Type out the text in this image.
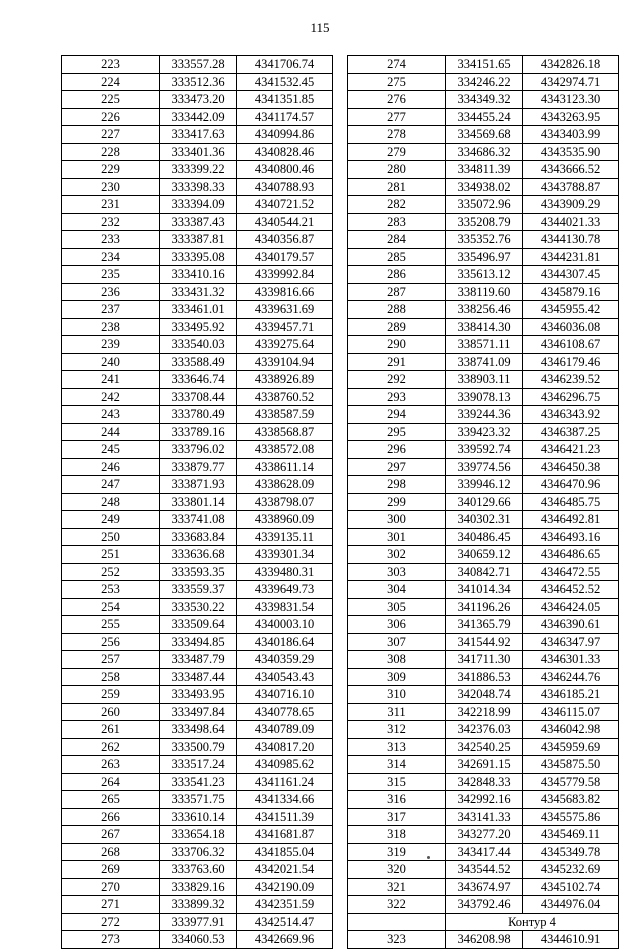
115
223	333557.28	4341706.74
224	333512.36	4341532.45
225	333473.20	4341351.85
226	333442.09	4341174.57
227	333417.63	4340994.86
228	333401.36	4340828.46
229	333399.22	4340800.46
230	333398.33	4340788.93
231	333394.09	4340721.52
232	333387.43	4340544.21
233	333387.81	4340356.87
234	333395.08	4340179.57
235	333410.16	4339992.84
236	333431.32	4339816.66
237	333461.01	4339631.69
238	333495.92	4339457.71
239	333540.03	4339275.64
240	333588.49	4339104.94
241	333646.74	4338926.89
242	333708.44	4338760.52
243	333780.49	4338587.59
244	333789.16	4338568.87
245	333796.02	4338572.08
246	333879.77	4338611.14
247	333871.93	4338628.09
248	333801.14	4338798.07
249	333741.08	4338960.09
250	333683.84	4339135.11
251	333636.68	4339301.34
252	333593.35	4339480.31
253	333559.37	4339649.73
254	333530.22	4339831.54
255	333509.64	4340003.10
256	333494.85	4340186.64
257	333487.79	4340359.29
258	333487.44	4340543.43
259	333493.95	4340716.10
260	333497.84	4340778.65
261	333498.64	4340789.09
262	333500.79	4340817.20
263	333517.24	4340985.62
264	333541.23	4341161.24
265	333571.75	4341334.66
266	333610.14	4341511.39
267	333654.18	4341681.87
268	333706.32	4341855.04
269	333763.60	4342021.54
270	333829.16	4342190.09
271	333899.32	4342351.59
272	333977.91	4342514.47
273	334060.53	4342669.96
274	334151.65	4342826.18
275	334246.22	4342974.71
276	334349.32	4343123.30
277	334455.24	4343263.95
278	334569.68	4343403.99
279	334686.32	4343535.90
280	334811.39	4343666.52
281	334938.02	4343788.87
282	335072.96	4343909.29
283	335208.79	4344021.33
284	335352.76	4344130.78
285	335496.97	4344231.81
286	335613.12	4344307.45
287	338119.60	4345879.16
288	338256.46	4345955.42
289	338414.30	4346036.08
290	338571.11	4346108.67
291	338741.09	4346179.46
292	338903.11	4346239.52
293	339078.13	4346296.75
294	339244.36	4346343.92
295	339423.32	4346387.25
296	339592.74	4346421.23
297	339774.56	4346450.38
298	339946.12	4346470.96
299	340129.66	4346485.75
300	340302.31	4346492.81
301	340486.45	4346493.16
302	340659.12	4346486.65
303	340842.71	4346472.55
304	341014.34	4346452.52
305	341196.26	4346424.05
306	341365.79	4346390.61
307	341544.92	4346347.97
308	341711.30	4346301.33
309	341886.53	4346244.76
310	342048.74	4346185.21
311	342218.99	4346115.07
312	342376.03	4346042.98
313	342540.25	4345959.69
314	342691.15	4345875.50
315	342848.33	4345779.58
316	342992.16	4345683.82
317	343141.33	4345575.86
318	343277.20	4345469.11
319	343417.44	4345349.78
320	343544.52	4345232.69
321	343674.97	4345102.74
322	343792.46	4344976.04
	Контур 4	
323	346208.98	4344610.91
